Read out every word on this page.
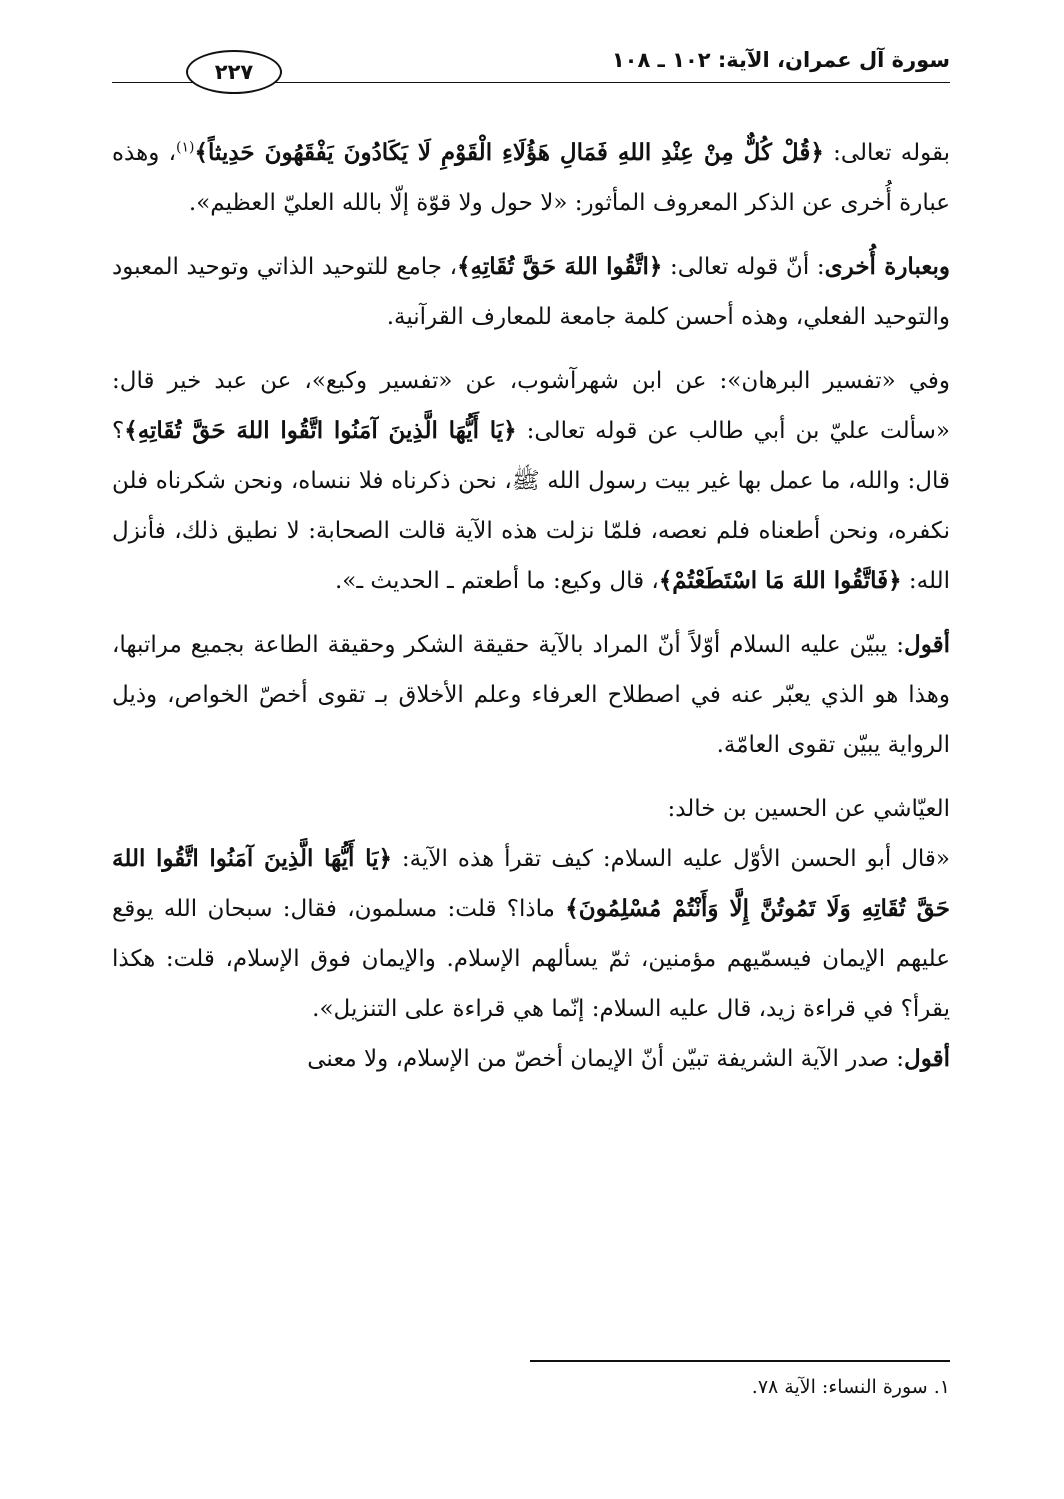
سورة آل عمران، الآية: ١٠٢ ـ ١٠٨
٢٢٧

بقوله تعالى: ﴿قُلْ كُلٌّ مِنْ عِنْدِ اللهِ فَمَالِ هَؤُلَاءِ الْقَوْمِ لَا يَكَادُونَ يَفْقَهُونَ حَدِيثاً﴾$^{(١)}$، وهذه عبارة أُخرى عن الذكر المعروف المأثور: «لا حول ولا قوّة إلّا بالله العليّ العظيم».

وبعبارة أُخرى: أنّ قوله تعالى: ﴿اتَّقُوا اللهَ حَقَّ تُقَاتِهِ﴾، جامع للتوحيد الذاتي وتوحيد المعبود والتوحيد الفعلي، وهذه أحسن كلمة جامعة للمعارف القرآنية.

وفي «تفسير البرهان»: عن ابن شهرآشوب، عن «تفسير وكيع»، عن عبد خير قال: «سألت عليّ بن أبي طالب عن قوله تعالى: ﴿يَا أَيُّهَا الَّذِينَ آمَنُوا اتَّقُوا اللهَ حَقَّ تُقَاتِهِ﴾؟ قال: والله، ما عمل بها غير بيت رسول الله ﷺ، نحن ذكرناه فلا ننساه، ونحن شكرناه فلن نكفره، ونحن أطعناه فلم نعصه، فلمّا نزلت هذه الآية قالت الصحابة: لا نطيق ذلك، فأنزل الله: ﴿فَاتَّقُوا اللهَ مَا اسْتَطَعْتُمْ﴾، قال وكيع: ما أطعتم ـ الحديث ـ».

أقول: يبيّن عليه السلام أوّلاً أنّ المراد بالآية حقيقة الشكر وحقيقة الطاعة بجميع مراتبها، وهذا هو الذي يعبّر عنه في اصطلاح العرفاء وعلم الأخلاق بـ تقوى أخصّ الخواص، وذيل الرواية يبيّن تقوى العامّة.

العيّاشي عن الحسين بن خالد:

«قال أبو الحسن الأوّل عليه السلام: كيف تقرأ هذه الآية: ﴿يَا أَيُّهَا الَّذِينَ آمَنُوا اتَّقُوا اللهَ حَقَّ تُقَاتِهِ وَلَا تَمُوتُنَّ إِلَّا وَأَنْتُمْ مُسْلِمُونَ﴾ ماذا؟ قلت: مسلمون، فقال: سبحان الله يوقع عليهم الإيمان فيسمّيهم مؤمنين، ثمّ يسألهم الإسلام. والإيمان فوق الإسلام، قلت: هكذا يقرأ؟ في قراءة زيد، قال عليه السلام: إنّما هي قراءة على التنزيل».

أقول: صدر الآية الشريفة تبيّن أنّ الإيمان أخصّ من الإسلام، ولا معنى

١. سورة النساء: الآية ٧٨.
